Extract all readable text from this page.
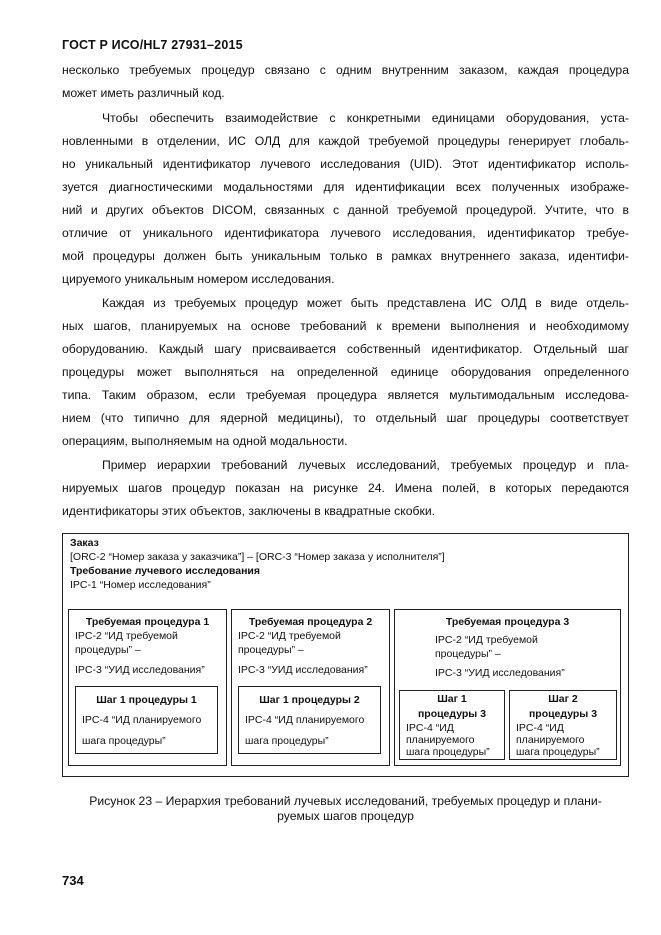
ГОСТ Р ИСО/HL7 27931–2015
несколько требуемых процедур связано с одним внутренним заказом, каждая процедура
может иметь различный код.
Чтобы обеспечить взаимодействие с конкретными единицами оборудования, уста-
новленными в отделении, ИС ОЛД для каждой требуемой процедуры генерирует глобаль-
но уникальный идентификатор лучевого исследования (UID). Этот идентификатор исполь-
зуется диагностическими модальностями для идентификации всех полученных изображе-
ний и других объектов DICOM, связанных с данной требуемой процедурой. Учтите, что в
отличие от уникального идентификатора лучевого исследования, идентификатор требуе-
мой процедуры должен быть уникальным только в рамках внутреннего заказа, идентифи-
цируемого уникальным номером исследования.
Каждая из требуемых процедур может быть представлена ИС ОЛД в виде отдель-
ных шагов, планируемых на основе требований к времени выполнения и необходимому
оборудованию. Каждый шагу присваивается собственный идентификатор. Отдельный шаг
процедуры может выполняться на определенной единице оборудования определенного
типа. Таким образом, если требуемая процедура является мультимодальным исследова-
нием (что типично для ядерной медицины), то отдельный шаг процедуры соответствует
операциям, выполняемым на одной модальности.
Пример иерархии требований лучевых исследований, требуемых процедур и пла-
нируемых шагов процедур показан на рисунке 24. Имена полей, в которых передаются
идентификаторы этих объектов, заключены в квадратные скобки.
Заказ
[ORC-2 “Номер заказа у заказчика”] – [ORC-3 “Номер заказа у исполнителя”]
Требование лучевого исследования
IPC-1 “Номер исследования”
Требуемая процедура 1
IPC-2 “ИД требуемой
процедуры” –
IPC-3 “УИД исследования”
Шаг 1 процедуры 1
IPC-4 “ИД планируемого
шага процедуры”
Требуемая процедура 2
IPC-2 “ИД требуемой
процедуры” –
IPC-3 “УИД исследования”
Шаг 1 процедуры 2
IPC-4 “ИД планируемого
шага процедуры”
Требуемая процедура 3
IPC-2 “ИД требуемой
процедуры” –
IPC-3 “УИД исследования”
Шаг 1
процедуры 3
IPC-4 “ИД
планируемого
шага процедуры”
Шаг 2
процедуры 3
IPC-4 “ИД
планируемого
шага процедуры”
Рисунок 23 – Иерархия требований лучевых исследований, требуемых процедур и плани-
руемых шагов процедур
734
